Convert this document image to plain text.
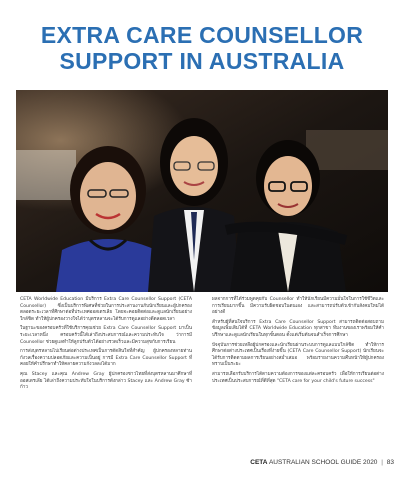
EXTRA CARE COUNSELLOR
SUPPORT IN AUSTRALIA

CETA Worldwide Education มีบริการ Extra Care Counsellor Support (CETA Counsellor) ซึ่งเป็นบริการพิเศษที่ช่วยในการประสานงานกับนักเรียนและผู้ปกครอง ตลอดระยะเวลาที่ศึกษาต่อที่ประเทศออสเตรเลีย โดยจะคอยติดต่อและดูแลนักเรียนอย่างใกล้ชิด ทำให้ผู้ปกครองวางใจได้ว่าบุตรหลานจะได้รับการดูแลอย่างดีตลอดเวลา

ในฐานะของครอบครัวที่ใช้บริการคุณช่วย Extra Care Counsellor Support มาเป็นระยะเวลาหนึ่ง ครอบครัวนี้ได้เล่าถึงประสบการณ์และความประทับใจ ว่าการมี Counsellor ช่วยดูแลทำให้ลูกปรับตัวได้อย่างรวดเร็วและมีความสุขกับการเรียน

การส่งบุตรหลานไปเรียนต่อต่างประเทศเป็นการตัดสินใจที่สำคัญ ผู้ปกครองหลายท่านกังวลเรื่องความปลอดภัยและความเป็นอยู่ การมี Extra Care Counsellor Support ที่คอยให้คำปรึกษาทำให้คลายความกังวลลงได้มาก

คุณ Stacey และคุณ Andrew Gray ผู้ปกครองชาวไทยที่ส่งบุตรหลานมาศึกษาที่ออสเตรเลีย ได้เล่าถึงความประทับใจในบริการดังกล่าว Stacey และ Andrew Gray ซ้าก้าว

ผลจากการที่ได้ร่วมพูดคุยกับ Counsellor ทำให้นักเรียนมีความมั่นใจในการใช้ชีวิตและการเรียนมากขึ้น มีความรับผิดชอบในตนเอง และสามารถปรับตัวเข้ากับสังคมใหม่ได้อย่างดี

สำหรับผู้ที่สนใจบริการ Extra Care Counsellor Support สามารถติดต่อสอบถามข้อมูลเพิ่มเติมได้ที่ CETA Worldwide Education ทุกสาขา ทีมงานของเราพร้อมให้คำปรึกษาและดูแลนักเรียนในทุกขั้นตอน ตั้งแต่เริ่มต้นจนสำเร็จการศึกษา

ปัจจุบันการช่วยเหลือผู้ปกครองและนักเรียนผ่านระบบการดูแลแบบใกล้ชิด ทำให้การศึกษาต่อต่างประเทศเป็นเรื่องที่ง่ายขึ้น (CETA Care Counsellor Support) นักเรียนจะได้รับการติดตามผลการเรียนอย่างสม่ำเสมอ พร้อมรายงานความคืบหน้าให้ผู้ปกครองทราบเป็นระยะ

สามารถเลือกรับบริการได้ตามความต้องการของแต่ละครอบครัว เพื่อให้การเรียนต่อต่างประเทศเป็นประสบการณ์ที่ดีที่สุด "CETA care for your child's future success"

CETA AUSTRALIAN SCHOOL GUIDE 2020 | 83
